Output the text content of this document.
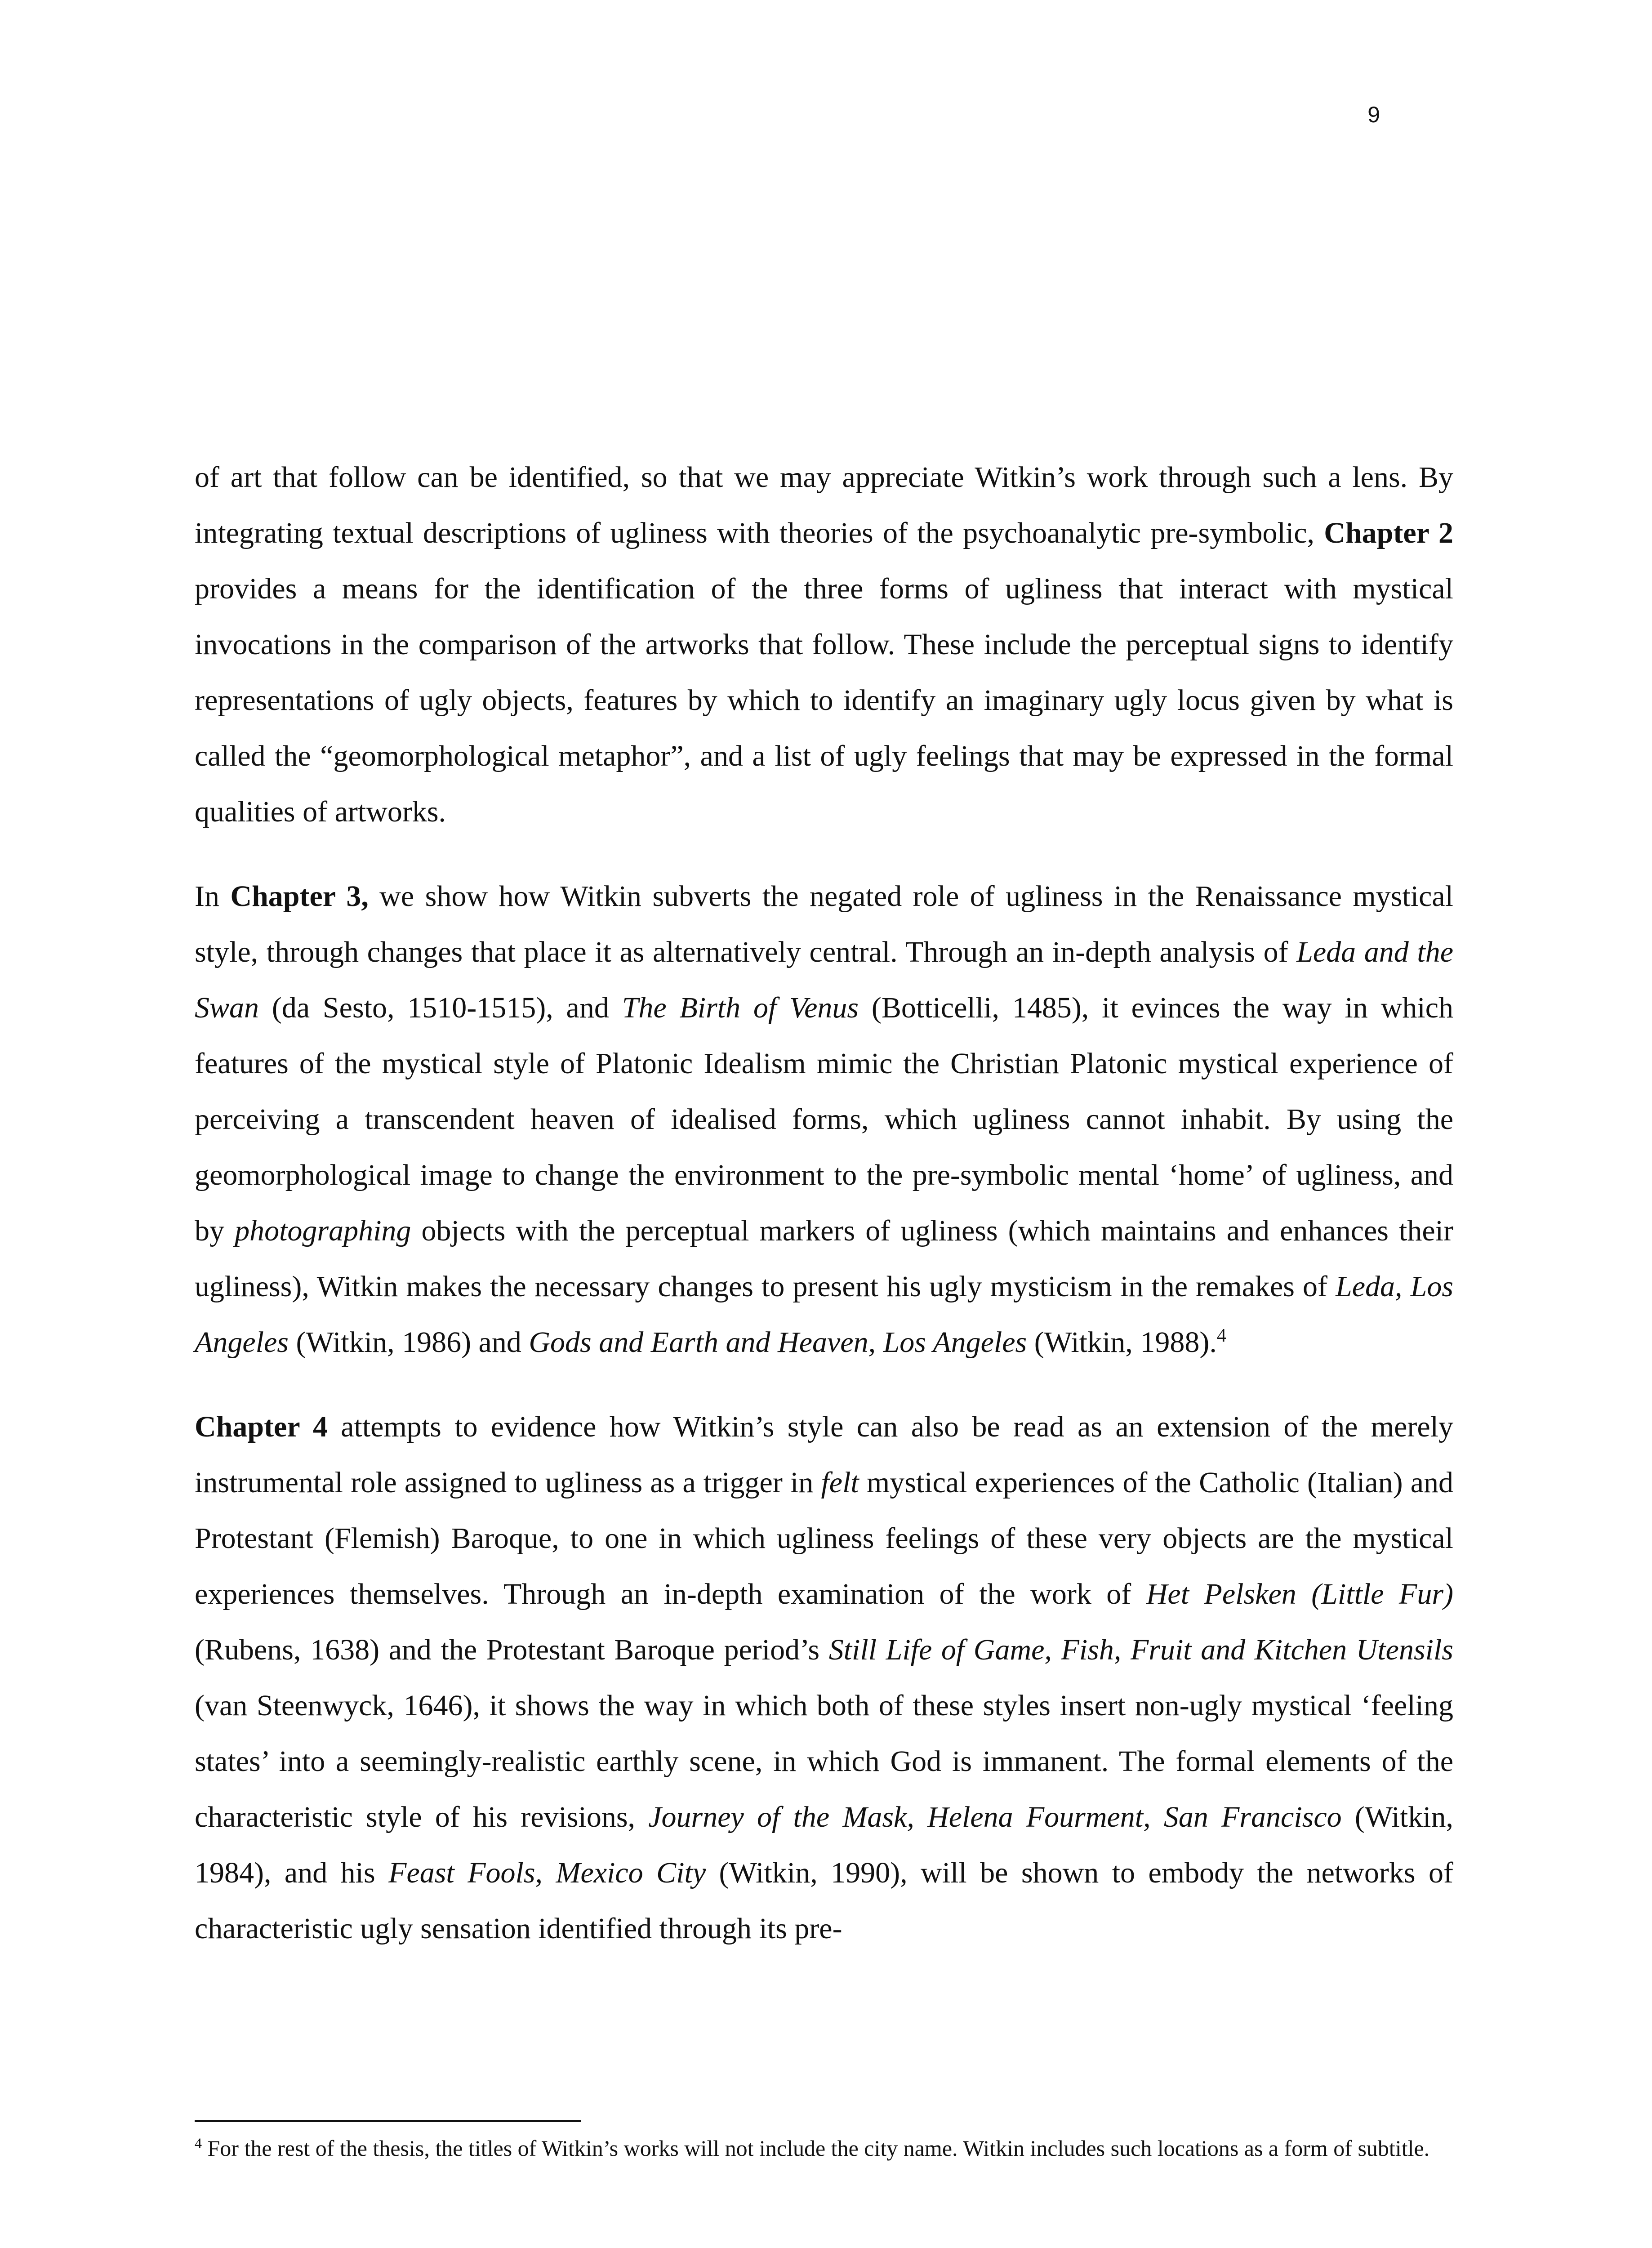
9

of art that follow can be identified, so that we may appreciate Witkin’s work through such a lens. By integrating textual descriptions of ugliness with theories of the psychoanalytic pre-symbolic, Chapter 2 provides a means for the identification of the three forms of ugliness that interact with mystical invocations in the comparison of the artworks that follow. These include the perceptual signs to identify representations of ugly objects, features by which to identify an imaginary ugly locus given by what is called the “geomorphological metaphor”, and a list of ugly feelings that may be expressed in the formal qualities of artworks.

In Chapter 3, we show how Witkin subverts the negated role of ugliness in the Renaissance mystical style, through changes that place it as alternatively central. Through an in-depth analysis of Leda and the Swan (da Sesto, 1510-1515), and The Birth of Venus (Botticelli, 1485), it evinces the way in which features of the mystical style of Platonic Idealism mimic the Christian Platonic mystical experience of perceiving a transcendent heaven of idealised forms, which ugliness cannot inhabit. By using the geomorphological image to change the environment to the pre-symbolic mental ‘home’ of ugliness, and by photographing objects with the perceptual markers of ugliness (which maintains and enhances their ugliness), Witkin makes the necessary changes to present his ugly mysticism in the remakes of Leda, Los Angeles (Witkin, 1986) and Gods and Earth and Heaven, Los Angeles (Witkin, 1988).$^4$

Chapter 4 attempts to evidence how Witkin’s style can also be read as an extension of the merely instrumental role assigned to ugliness as a trigger in felt mystical experiences of the Catholic (Italian) and Protestant (Flemish) Baroque, to one in which ugliness feelings of these very objects are the mystical experiences themselves. Through an in-depth examination of the work of Het Pelsken (Little Fur) (Rubens, 1638) and the Protestant Baroque period’s Still Life of Game, Fish, Fruit and Kitchen Utensils (van Steenwyck, 1646), it shows the way in which both of these styles insert non-ugly mystical ‘feeling states’ into a seemingly-realistic earthly scene, in which God is immanent. The formal elements of the characteristic style of his revisions, Journey of the Mask, Helena Fourment, San Francisco (Witkin, 1984), and his Feast Fools, Mexico City (Witkin, 1990), will be shown to embody the networks of characteristic ugly sensation identified through its pre-

$^4$ For the rest of the thesis, the titles of Witkin’s works will not include the city name. Witkin includes such locations as a form of subtitle.
